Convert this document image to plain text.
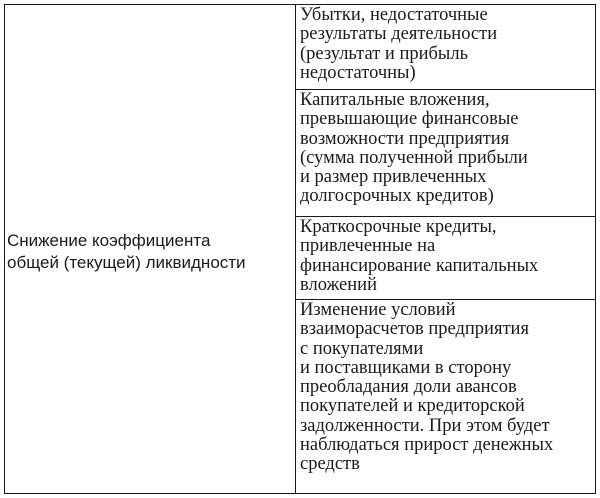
Снижение коэффициента
общей (текущей) ликвидности
Убытки, недостаточные
результаты деятельности
(результат и прибыль
недостаточны)
Капитальные вложения,
превышающие финансовые
возможности предприятия
(сумма полученной прибыли
и размер привлеченных
долгосрочных кредитов)
Краткосрочные кредиты,
привлеченные на
финансирование капитальных
вложений
Изменение условий
взаиморасчетов предприятия
с покупателями
и поставщиками в сторону
преобладания доли авансов
покупателей и кредиторской
задолженности. При этом будет
наблюдаться прирост денежных
средств
